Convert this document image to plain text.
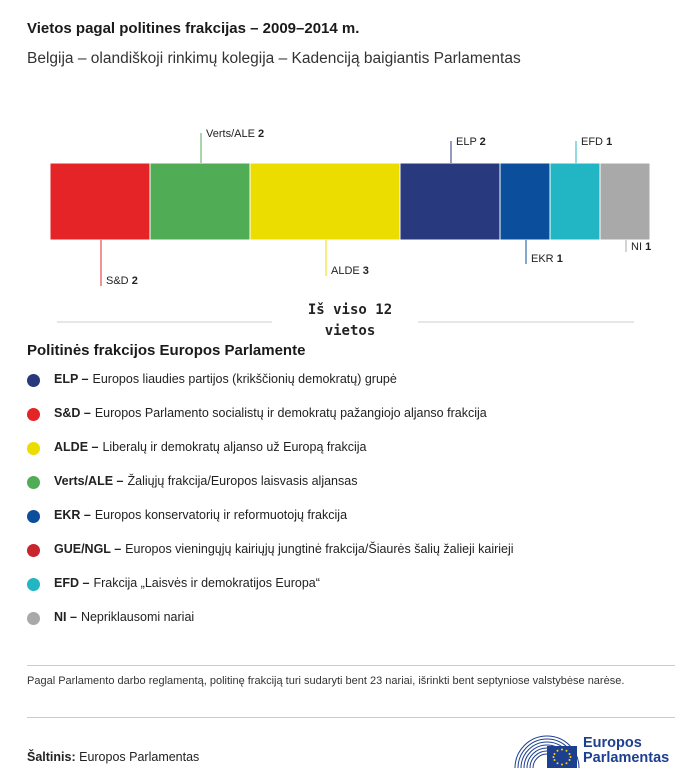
Vietos pagal politines frakcijas – 2009–2014 m.
Belgija – olandiškoji rinkimų kolegija – Kadenciją baigiantis Parlamentas
S&D 2
Verts/ALE 2
ALDE 3
ELP 2
EKR 1
EFD 1
NI 1
Iš viso 12
vietos
Politinės frakcijos Europos Parlamente
ELP – Europos liaudies partijos (krikščionių demokratų) grupė
S&D – Europos Parlamento socialistų ir demokratų pažangiojo aljanso frakcija
ALDE – Liberalų ir demokratų aljanso už Europą frakcija
Verts/ALE – Žaliųjų frakcija/Europos laisvasis aljansas
EKR – Europos konservatorių ir reformuotojų frakcija
GUE/NGL – Europos vieningųjų kairiųjų jungtinė frakcija/Šiaurės šalių žalieji kairieji
EFD – Frakcija „Laisvės ir demokratijos Europa“
NI – Nepriklausomi nariai
Pagal Parlamento darbo reglamentą, politinę frakciją turi sudaryti bent 23 nariai, išrinkti bent septyniose valstybėse narėse.
Šaltinis: Europos Parlamentas
Europos
Parlamentas
